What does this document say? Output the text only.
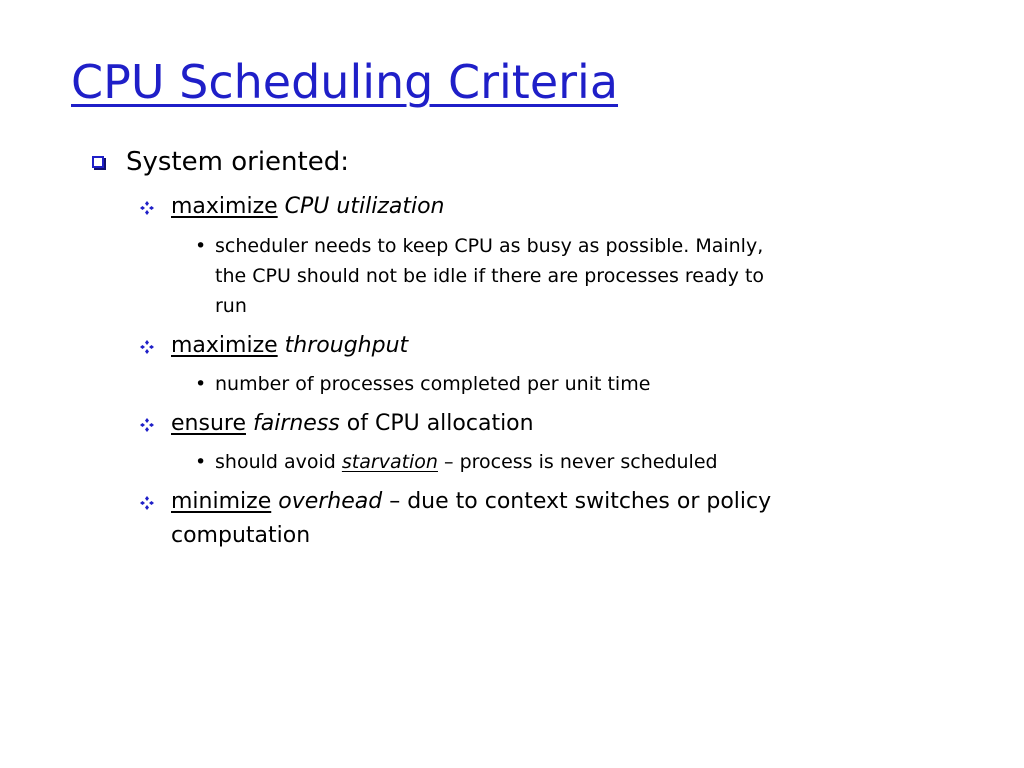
CPU Scheduling Criteria
System oriented:
maximize CPU utilization
• scheduler needs to keep CPU as busy as possible. Mainly,
the CPU should not be idle if there are processes ready to
run
maximize throughput
• number of processes completed per unit time
ensure fairness of CPU allocation
• should avoid starvation – process is never scheduled
minimize overhead – due to context switches or policy
computation
